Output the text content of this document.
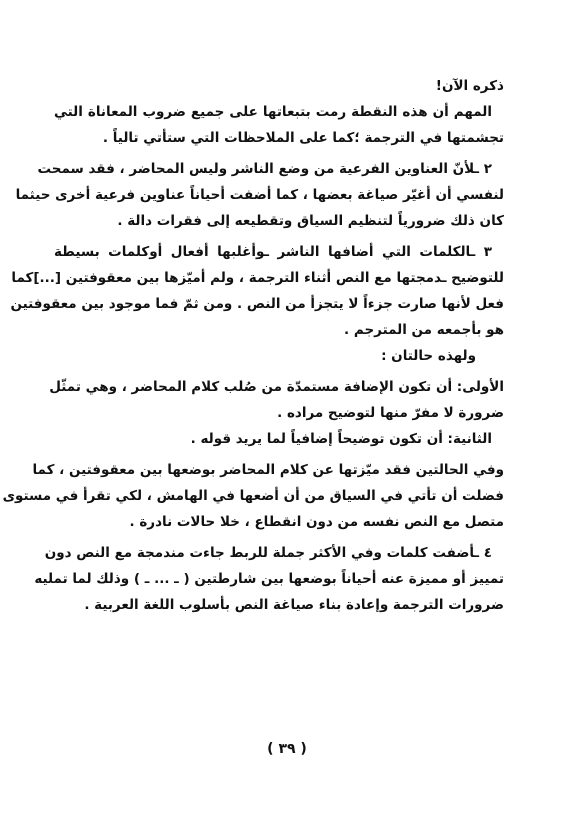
ذكره الآن!

المهم أن هذه النقطة رمت بتبعاتها على جميع ضروب المعاناة التي

تجشمتها في الترجمة ؛كما على الملاحظات التي ستأتي تالياً .

٢ ـلأنّ العناوين الفرعية من وضع الناشر وليس المحاضر ، فقد سمحت

لنفسي أن أغيّر صياغة بعضها ، كما أضفت أحياناً عناوين فرعية أخرى حيثما

كان ذلك ضرورياً لتنظيم السياق وتقطيعه إلى فقرات دالة .

٣ ـالكلمات التي أضافها الناشر ـوأغلبها أفعال أوكلمات بسيطة

للتوضيح ـدمجتها مع النص أثناء الترجمة ، ولم أميّزها بين معقوفتين [...]كما

فعل لأنها صارت جزءاً لا يتجزأ من النص . ومن ثمّ فما موجود بين معقوفتين

هو بأجمعه من المترجم .

ولهذه حالتان :

الأولى: أن تكون الإضافة مستمدّة من صُلب كلام المحاضر ، وهي تمثّل

ضرورة لا مفرّ منها لتوضيح مراده .

الثانية: أن تكون توضيحاً إضافياً لما يريد قوله .

وفي الحالتين فقد ميّزتها عن كلام المحاضر بوضعها بين معقوفتين ، كما

فضلت أن تأتي في السياق من أن أضعها في الهامش ، لكي تقرأ في مستوى

متصل مع النص نفسه من دون انقطاع ، خلا حالات نادرة .

٤ ـأضفت كلمات وفي الأكثر جملة للربط جاءت مندمجة مع النص دون

تمييز أو مميزة عنه أحياناً بوضعها بين شارطتين ( ـ ... ـ ) وذلك لما تمليه

ضرورات الترجمة وإعادة بناء صياغة النص بأسلوب اللغة العربية .

( ٣٩ )
